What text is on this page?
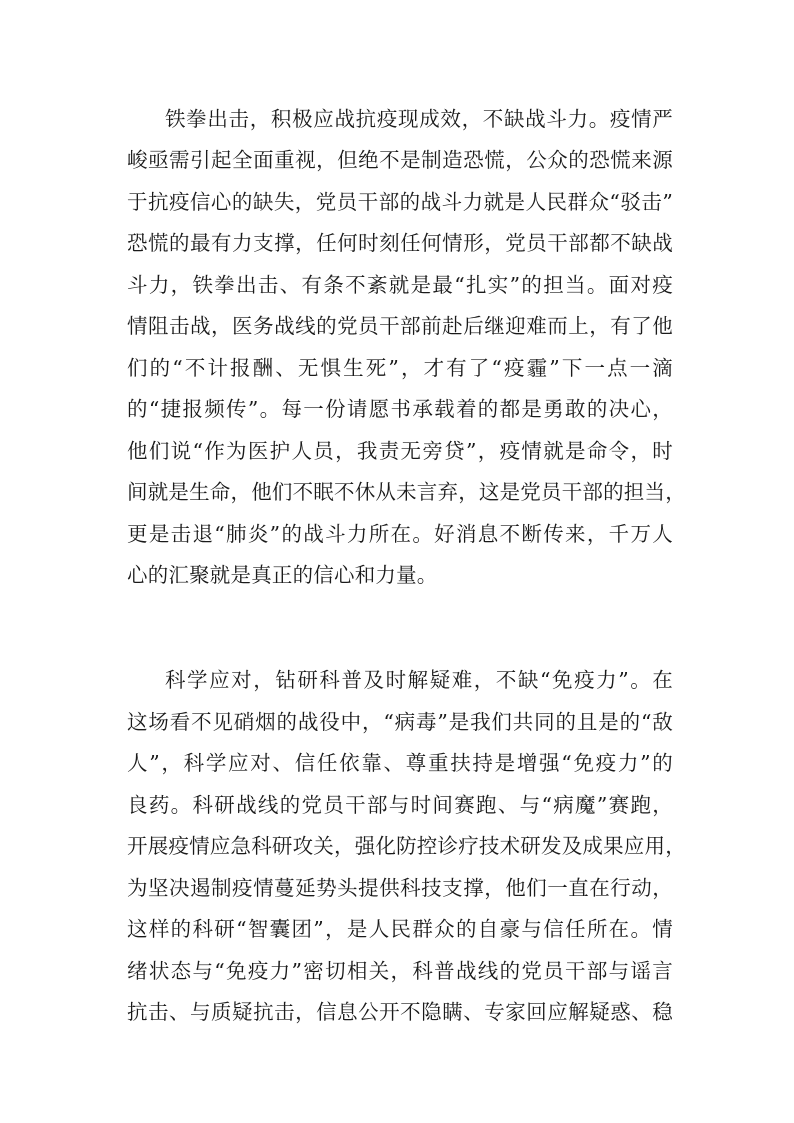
铁拳出击，积极应战抗疫现成效，不缺战斗力。疫情严
峻亟需引起全面重视，但绝不是制造恐慌，公众的恐慌来源
于抗疫信心的缺失，党员干部的战斗力就是人民群众“驳击”
恐慌的最有力支撑，任何时刻任何情形，党员干部都不缺战
斗力，铁拳出击、有条不紊就是最“扎实”的担当。面对疫
情阻击战，医务战线的党员干部前赴后继迎难而上，有了他
们的“不计报酬、无惧生死”，才有了“疫霾”下一点一滴
的“捷报频传”。每一份请愿书承载着的都是勇敢的决心，
他们说“作为医护人员，我责无旁贷”，疫情就是命令，时
间就是生命，他们不眠不休从未言弃，这是党员干部的担当，
更是击退“肺炎”的战斗力所在。好消息不断传来，千万人
心的汇聚就是真正的信心和力量。
科学应对，钻研科普及时解疑难，不缺“免疫力”。在
这场看不见硝烟的战役中，“病毒”是我们共同的且是的“敌
人”，科学应对、信任依靠、尊重扶持是增强“免疫力”的
良药。科研战线的党员干部与时间赛跑、与“病魔”赛跑，
开展疫情应急科研攻关，强化防控诊疗技术研发及成果应用，
为坚决遏制疫情蔓延势头提供科技支撑，他们一直在行动，
这样的科研“智囊团”，是人民群众的自豪与信任所在。情
绪状态与“免疫力”密切相关，科普战线的党员干部与谣言
抗击、与质疑抗击，信息公开不隐瞒、专家回应解疑惑、稳
